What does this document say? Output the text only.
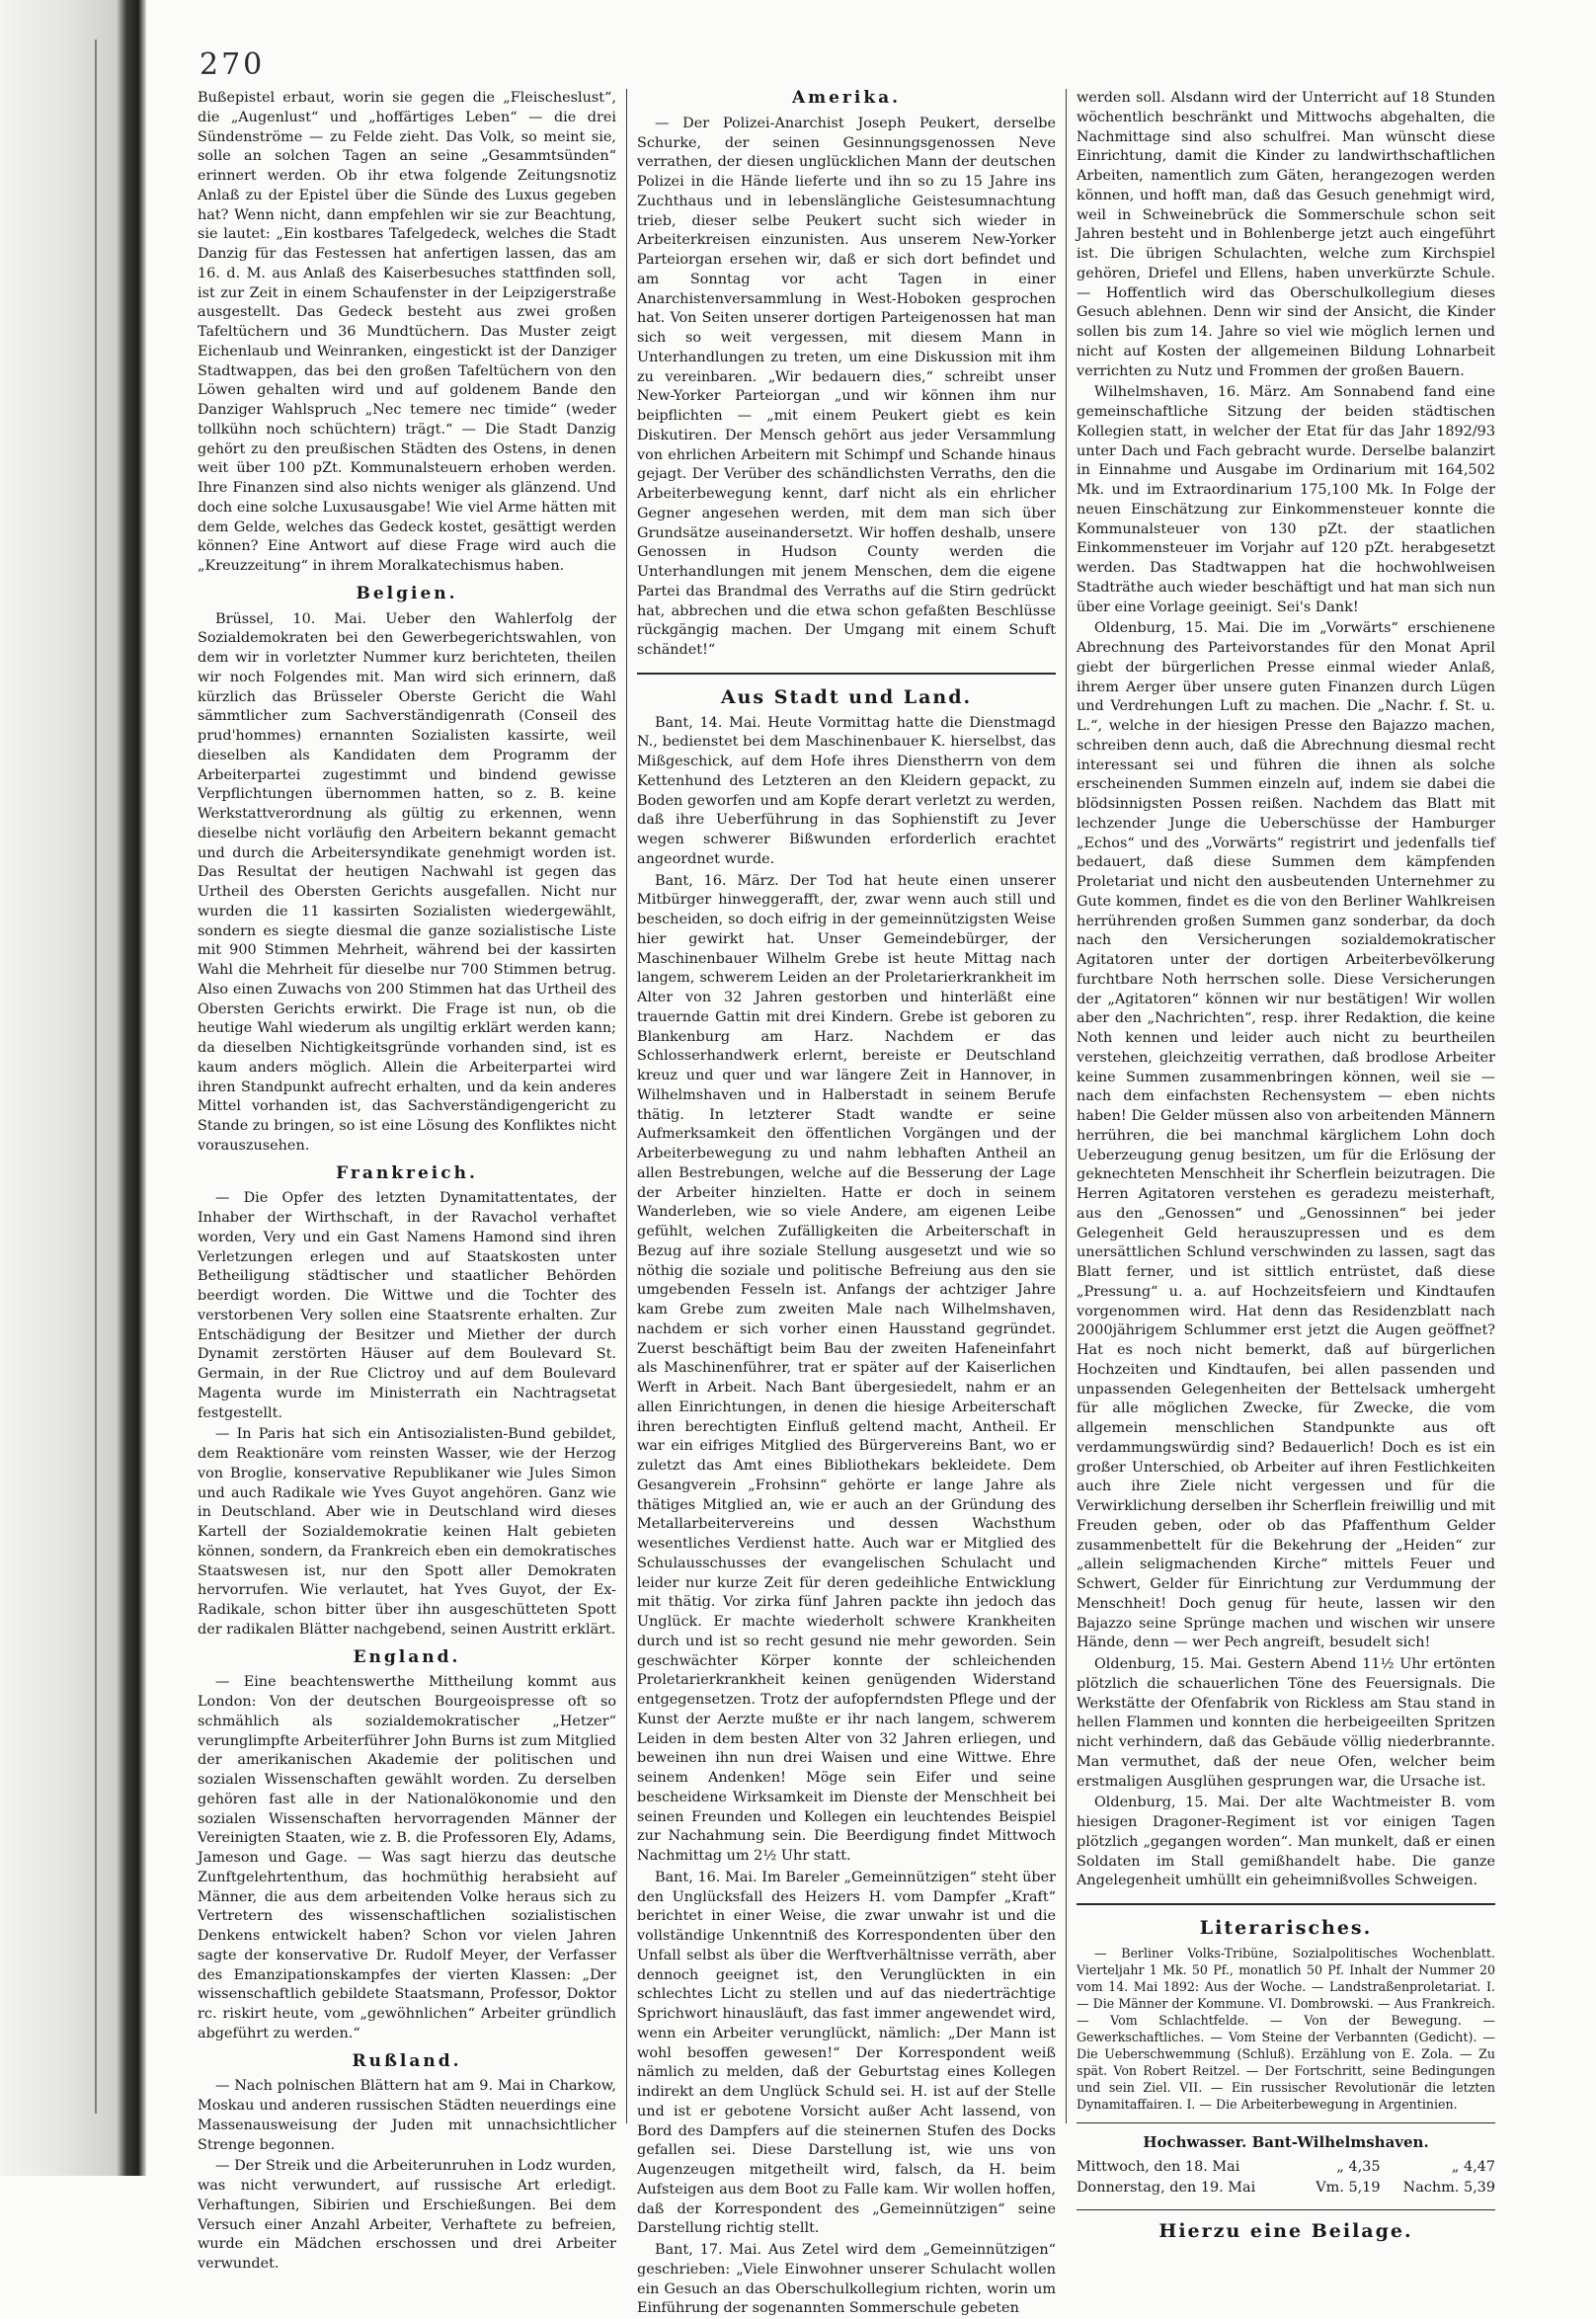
270

Bußepistel erbaut, worin sie gegen die „Fleischeslust“, die „Augenlust“ und „hoffärtiges Leben“ — die drei Sündenströme — zu Felde zieht. Das Volk, so meint sie, solle an solchen Tagen an seine „Gesammtsünden“ erinnert werden. Ob ihr etwa folgende Zeitungsnotiz Anlaß zu der Epistel über die Sünde des Luxus gegeben hat? Wenn nicht, dann empfehlen wir sie zur Beachtung, sie lautet: „Ein kostbares Tafelgedeck, welches die Stadt Danzig für das Festessen hat anfertigen lassen, das am 16. d. M. aus Anlaß des Kaiserbesuches stattfinden soll, ist zur Zeit in einem Schaufenster in der Leipzigerstraße ausgestellt. Das Gedeck besteht aus zwei großen Tafeltüchern und 36 Mundtüchern. Das Muster zeigt Eichenlaub und Weinranken, eingestickt ist der Danziger Stadtwappen, das bei den großen Tafeltüchern von den Löwen gehalten wird und auf goldenem Bande den Danziger Wahlspruch „Nec temere nec timide“ (weder tollkühn noch schüchtern) trägt.“ — Die Stadt Danzig gehört zu den preußischen Städten des Ostens, in denen weit über 100 pZt. Kommunalsteuern erhoben werden. Ihre Finanzen sind also nichts weniger als glänzend. Und doch eine solche Luxusausgabe! Wie viel Arme hätten mit dem Gelde, welches das Gedeck kostet, gesättigt werden können? Eine Antwort auf diese Frage wird auch die „Kreuzzeitung“ in ihrem Moralkatechismus haben.

Belgien.

Brüssel, 10. Mai. Ueber den Wahlerfolg der Sozialdemokraten bei den Gewerbegerichtswahlen, von dem wir in vorletzter Nummer kurz berichteten, theilen wir noch Folgendes mit. Man wird sich erinnern, daß kürzlich das Brüsseler Oberste Gericht die Wahl sämmtlicher zum Sachverständigenrath (Conseil des prud'hommes) ernannten Sozialisten kassirte, weil dieselben als Kandidaten dem Programm der Arbeiterpartei zugestimmt und bindend gewisse Verpflichtungen übernommen hatten, so z. B. keine Werkstattverordnung als gültig zu erkennen, wenn dieselbe nicht vorläufig den Arbeitern bekannt gemacht und durch die Arbeitersyndikate genehmigt worden ist. Das Resultat der heutigen Nachwahl ist gegen das Urtheil des Obersten Gerichts ausgefallen. Nicht nur wurden die 11 kassirten Sozialisten wiedergewählt, sondern es siegte diesmal die ganze sozialistische Liste mit 900 Stimmen Mehrheit, während bei der kassirten Wahl die Mehrheit für dieselbe nur 700 Stimmen betrug. Also einen Zuwachs von 200 Stimmen hat das Urtheil des Obersten Gerichts erwirkt. Die Frage ist nun, ob die heutige Wahl wiederum als ungiltig erklärt werden kann; da dieselben Nichtigkeitsgründe vorhanden sind, ist es kaum anders möglich. Allein die Arbeiterpartei wird ihren Standpunkt aufrecht erhalten, und da kein anderes Mittel vorhanden ist, das Sachverständigengericht zu Stande zu bringen, so ist eine Lösung des Konfliktes nicht vorauszusehen.

Frankreich.

— Die Opfer des letzten Dynamitattentates, der Inhaber der Wirthschaft, in der Ravachol verhaftet worden, Very und ein Gast Namens Hamond sind ihren Verletzungen erlegen und auf Staatskosten unter Betheiligung städtischer und staatlicher Behörden beerdigt worden. Die Wittwe und die Tochter des verstorbenen Very sollen eine Staatsrente erhalten. Zur Entschädigung der Besitzer und Miether der durch Dynamit zerstörten Häuser auf dem Boulevard St. Germain, in der Rue Clictroy und auf dem Boulevard Magenta wurde im Ministerrath ein Nachtragsetat festgestellt.

— In Paris hat sich ein Antisozialisten-Bund gebildet, dem Reaktionäre vom reinsten Wasser, wie der Herzog von Broglie, konservative Republikaner wie Jules Simon und auch Radikale wie Yves Guyot angehören. Ganz wie in Deutschland. Aber wie in Deutschland wird dieses Kartell der Sozialdemokratie keinen Halt gebieten können, sondern, da Frankreich eben ein demokratisches Staatswesen ist, nur den Spott aller Demokraten hervorrufen. Wie verlautet, hat Yves Guyot, der Ex-Radikale, schon bitter über ihn ausgeschütteten Spott der radikalen Blätter nachgebend, seinen Austritt erklärt.

England.

— Eine beachtenswerthe Mittheilung kommt aus London: Von der deutschen Bourgeoispresse oft so schmählich als sozialdemokratischer „Hetzer“ verunglimpfte Arbeiterführer John Burns ist zum Mitglied der amerikanischen Akademie der politischen und sozialen Wissenschaften gewählt worden. Zu derselben gehören fast alle in der Nationalökonomie und den sozialen Wissenschaften hervorragenden Männer der Vereinigten Staaten, wie z. B. die Professoren Ely, Adams, Jameson und Gage. — Was sagt hierzu das deutsche Zunftgelehrtenthum, das hochmüthig herabsieht auf Männer, die aus dem arbeitenden Volke heraus sich zu Vertretern des wissenschaftlichen sozialistischen Denkens entwickelt haben? Schon vor vielen Jahren sagte der konservative Dr. Rudolf Meyer, der Verfasser des Emanzipationskampfes der vierten Klassen: „Der wissenschaftlich gebildete Staatsmann, Professor, Doktor rc. riskirt heute, vom „gewöhnlichen“ Arbeiter gründlich abgeführt zu werden.“

Rußland.

— Nach polnischen Blättern hat am 9. Mai in Charkow, Moskau und anderen russischen Städten neuerdings eine Massenausweisung der Juden mit unnachsichtlicher Strenge begonnen.

— Der Streik und die Arbeiterunruhen in Lodz wurden, was nicht verwundert, auf russische Art erledigt. Verhaftungen, Sibirien und Erschießungen. Bei dem Versuch einer Anzahl Arbeiter, Verhaftete zu befreien, wurde ein Mädchen erschossen und drei Arbeiter verwundet.

Amerika.

— Der Polizei-Anarchist Joseph Peukert, derselbe Schurke, der seinen Gesinnungsgenossen Neve verrathen, der diesen unglücklichen Mann der deutschen Polizei in die Hände lieferte und ihn so zu 15 Jahre ins Zuchthaus und in lebenslängliche Geistesumnachtung trieb, dieser selbe Peukert sucht sich wieder in Arbeiterkreisen einzunisten. Aus unserem New-Yorker Parteiorgan ersehen wir, daß er sich dort befindet und am Sonntag vor acht Tagen in einer Anarchistenversammlung in West-Hoboken gesprochen hat. Von Seiten unserer dortigen Parteigenossen hat man sich so weit vergessen, mit diesem Mann in Unterhandlungen zu treten, um eine Diskussion mit ihm zu vereinbaren. „Wir bedauern dies,“ schreibt unser New-Yorker Parteiorgan „und wir können ihm nur beipflichten — „mit einem Peukert giebt es kein Diskutiren. Der Mensch gehört aus jeder Versammlung von ehrlichen Arbeitern mit Schimpf und Schande hinaus gejagt. Der Verüber des schändlichsten Verraths, den die Arbeiterbewegung kennt, darf nicht als ein ehrlicher Gegner angesehen werden, mit dem man sich über Grundsätze auseinandersetzt. Wir hoffen deshalb, unsere Genossen in Hudson County werden die Unterhandlungen mit jenem Menschen, dem die eigene Partei das Brandmal des Verraths auf die Stirn gedrückt hat, abbrechen und die etwa schon gefaßten Beschlüsse rückgängig machen. Der Umgang mit einem Schuft schändet!“

Aus Stadt und Land.

Bant, 14. Mai. Heute Vormittag hatte die Dienstmagd N., bedienstet bei dem Maschinenbauer K. hierselbst, das Mißgeschick, auf dem Hofe ihres Dienstherrn von dem Kettenhund des Letzteren an den Kleidern gepackt, zu Boden geworfen und am Kopfe derart verletzt zu werden, daß ihre Ueberführung in das Sophienstift zu Jever wegen schwerer Bißwunden erforderlich erachtet angeordnet wurde.

Bant, 16. März. Der Tod hat heute einen unserer Mitbürger hinweggerafft, der, zwar wenn auch still und bescheiden, so doch eifrig in der gemeinnützigsten Weise hier gewirkt hat. Unser Gemeindebürger, der Maschinenbauer Wilhelm Grebe ist heute Mittag nach langem, schwerem Leiden an der Proletarierkrankheit im Alter von 32 Jahren gestorben und hinterläßt eine trauernde Gattin mit drei Kindern. Grebe ist geboren zu Blankenburg am Harz. Nachdem er das Schlosserhandwerk erlernt, bereiste er Deutschland kreuz und quer und war längere Zeit in Hannover, in Wilhelmshaven und in Halberstadt in seinem Berufe thätig. In letzterer Stadt wandte er seine Aufmerksamkeit den öffentlichen Vorgängen und der Arbeiterbewegung zu und nahm lebhaften Antheil an allen Bestrebungen, welche auf die Besserung der Lage der Arbeiter hinzielten. Hatte er doch in seinem Wanderleben, wie so viele Andere, am eigenen Leibe gefühlt, welchen Zufälligkeiten die Arbeiterschaft in Bezug auf ihre soziale Stellung ausgesetzt und wie so nöthig die soziale und politische Befreiung aus den sie umgebenden Fesseln ist. Anfangs der achtziger Jahre kam Grebe zum zweiten Male nach Wilhelmshaven, nachdem er sich vorher einen Hausstand gegründet. Zuerst beschäftigt beim Bau der zweiten Hafeneinfahrt als Maschinenführer, trat er später auf der Kaiserlichen Werft in Arbeit. Nach Bant übergesiedelt, nahm er an allen Einrichtungen, in denen die hiesige Arbeiterschaft ihren berechtigten Einfluß geltend macht, Antheil. Er war ein eifriges Mitglied des Bürgervereins Bant, wo er zuletzt das Amt eines Bibliothekars bekleidete. Dem Gesangverein „Frohsinn“ gehörte er lange Jahre als thätiges Mitglied an, wie er auch an der Gründung des Metallarbeitervereins und dessen Wachsthum wesentliches Verdienst hatte. Auch war er Mitglied des Schulausschusses der evangelischen Schulacht und leider nur kurze Zeit für deren gedeihliche Entwicklung mit thätig. Vor zirka fünf Jahren packte ihn jedoch das Unglück. Er machte wiederholt schwere Krankheiten durch und ist so recht gesund nie mehr geworden. Sein geschwächter Körper konnte der schleichenden Proletarierkrankheit keinen genügenden Widerstand entgegensetzen. Trotz der aufopferndsten Pflege und der Kunst der Aerzte mußte er ihr nach langem, schwerem Leiden in dem besten Alter von 32 Jahren erliegen, und beweinen ihn nun drei Waisen und eine Wittwe. Ehre seinem Andenken! Möge sein Eifer und seine bescheidene Wirksamkeit im Dienste der Menschheit bei seinen Freunden und Kollegen ein leuchtendes Beispiel zur Nachahmung sein. Die Beerdigung findet Mittwoch Nachmittag um 2½ Uhr statt.

Bant, 16. Mai. Im Bareler „Gemeinnützigen“ steht über den Unglücksfall des Heizers H. vom Dampfer „Kraft“ berichtet in einer Weise, die zwar unwahr ist und die vollständige Unkenntniß des Korrespondenten über den Unfall selbst als über die Werftverhältnisse verräth, aber dennoch geeignet ist, den Verunglückten in ein schlechtes Licht zu stellen und auf das niederträchtige Sprichwort hinausläuft, das fast immer angewendet wird, wenn ein Arbeiter verunglückt, nämlich: „Der Mann ist wohl besoffen gewesen!“ Der Korrespondent weiß nämlich zu melden, daß der Geburtstag eines Kollegen indirekt an dem Unglück Schuld sei. H. ist auf der Stelle und ist er gebotene Vorsicht außer Acht lassend, von Bord des Dampfers auf die steinernen Stufen des Docks gefallen sei. Diese Darstellung ist, wie uns von Augenzeugen mitgetheilt wird, falsch, da H. beim Aufsteigen aus dem Boot zu Falle kam. Wir wollen hoffen, daß der Korrespondent des „Gemeinnützigen“ seine Darstellung richtig stellt.

Bant, 17. Mai. Aus Zetel wird dem „Gemeinnützigen“ geschrieben: „Viele Einwohner unserer Schulacht wollen ein Gesuch an das Oberschulkollegium richten, worin um Einführung der sogenannten Sommerschule gebeten

werden soll. Alsdann wird der Unterricht auf 18 Stunden wöchentlich beschränkt und Mittwochs abgehalten, die Nachmittage sind also schulfrei. Man wünscht diese Einrichtung, damit die Kinder zu landwirthschaftlichen Arbeiten, namentlich zum Gäten, herangezogen werden können, und hofft man, daß das Gesuch genehmigt wird, weil in Schweinebrück die Sommerschule schon seit Jahren besteht und in Bohlenberge jetzt auch eingeführt ist. Die übrigen Schulachten, welche zum Kirchspiel gehören, Driefel und Ellens, haben unverkürzte Schule. — Hoffentlich wird das Oberschulkollegium dieses Gesuch ablehnen. Denn wir sind der Ansicht, die Kinder sollen bis zum 14. Jahre so viel wie möglich lernen und nicht auf Kosten der allgemeinen Bildung Lohnarbeit verrichten zu Nutz und Frommen der großen Bauern.

Wilhelmshaven, 16. März. Am Sonnabend fand eine gemeinschaftliche Sitzung der beiden städtischen Kollegien statt, in welcher der Etat für das Jahr 1892/93 unter Dach und Fach gebracht wurde. Derselbe balanzirt in Einnahme und Ausgabe im Ordinarium mit 164,502 Mk. und im Extraordinarium 175,100 Mk. In Folge der neuen Einschätzung zur Einkommensteuer konnte die Kommunalsteuer von 130 pZt. der staatlichen Einkommensteuer im Vorjahr auf 120 pZt. herabgesetzt werden. Das Stadtwappen hat die hochwohlweisen Stadträthe auch wieder beschäftigt und hat man sich nun über eine Vorlage geeinigt. Sei's Dank!

Oldenburg, 15. Mai. Die im „Vorwärts“ erschienene Abrechnung des Parteivorstandes für den Monat April giebt der bürgerlichen Presse einmal wieder Anlaß, ihrem Aerger über unsere guten Finanzen durch Lügen und Verdrehungen Luft zu machen. Die „Nachr. f. St. u. L.“, welche in der hiesigen Presse den Bajazzo machen, schreiben denn auch, daß die Abrechnung diesmal recht interessant sei und führen die ihnen als solche erscheinenden Summen einzeln auf, indem sie dabei die blödsinnigsten Possen reißen. Nachdem das Blatt mit lechzender Junge die Ueberschüsse der Hamburger „Echos“ und des „Vorwärts“ registrirt und jedenfalls tief bedauert, daß diese Summen dem kämpfenden Proletariat und nicht den ausbeutenden Unternehmer zu Gute kommen, findet es die von den Berliner Wahlkreisen herrührenden großen Summen ganz sonderbar, da doch nach den Versicherungen sozialdemokratischer Agitatoren unter der dortigen Arbeiterbevölkerung furchtbare Noth herrschen solle. Diese Versicherungen der „Agitatoren“ können wir nur bestätigen! Wir wollen aber den „Nachrichten“, resp. ihrer Redaktion, die keine Noth kennen und leider auch nicht zu beurtheilen verstehen, gleichzeitig verrathen, daß brodlose Arbeiter keine Summen zusammenbringen können, weil sie — nach dem einfachsten Rechensystem — eben nichts haben! Die Gelder müssen also von arbeitenden Männern herrühren, die bei manchmal kärglichem Lohn doch Ueberzeugung genug besitzen, um für die Erlösung der geknechteten Menschheit ihr Scherflein beizutragen. Die Herren Agitatoren verstehen es geradezu meisterhaft, aus den „Genossen“ und „Genossinnen“ bei jeder Gelegenheit Geld herauszupressen und es dem unersättlichen Schlund verschwinden zu lassen, sagt das Blatt ferner, und ist sittlich entrüstet, daß diese „Pressung“ u. a. auf Hochzeitsfeiern und Kindtaufen vorgenommen wird. Hat denn das Residenzblatt nach 2000jährigem Schlummer erst jetzt die Augen geöffnet? Hat es noch nicht bemerkt, daß auf bürgerlichen Hochzeiten und Kindtaufen, bei allen passenden und unpassenden Gelegenheiten der Bettelsack umhergeht für alle möglichen Zwecke, für Zwecke, die vom allgemein menschlichen Standpunkte aus oft verdammungswürdig sind? Bedauerlich! Doch es ist ein großer Unterschied, ob Arbeiter auf ihren Festlichkeiten auch ihre Ziele nicht vergessen und für die Verwirklichung derselben ihr Scherflein freiwillig und mit Freuden geben, oder ob das Pfaffenthum Gelder zusammenbettelt für die Bekehrung der „Heiden“ zur „allein seligmachenden Kirche“ mittels Feuer und Schwert, Gelder für Einrichtung zur Verdummung der Menschheit! Doch genug für heute, lassen wir den Bajazzo seine Sprünge machen und wischen wir unsere Hände, denn — wer Pech angreift, besudelt sich!

Oldenburg, 15. Mai. Gestern Abend 11½ Uhr ertönten plötzlich die schauerlichen Töne des Feuersignals. Die Werkstätte der Ofenfabrik von Rickless am Stau stand in hellen Flammen und konnten die herbeigeeilten Spritzen nicht verhindern, daß das Gebäude völlig niederbrannte. Man vermuthet, daß der neue Ofen, welcher beim erstmaligen Ausglühen gesprungen war, die Ursache ist.

Oldenburg, 15. Mai. Der alte Wachtmeister B. vom hiesigen Dragoner-Regiment ist vor einigen Tagen plötzlich „gegangen worden“. Man munkelt, daß er einen Soldaten im Stall gemißhandelt habe. Die ganze Angelegenheit umhüllt ein geheimnißvolles Schweigen.

Literarisches.

— Berliner Volks-Tribüne, Sozialpolitisches Wochenblatt. Vierteljahr 1 Mk. 50 Pf., monatlich 50 Pf. Inhalt der Nummer 20 vom 14. Mai 1892: Aus der Woche. — Landstraßenproletariat. I. — Die Männer der Kommune. VI. Dombrowski. — Aus Frankreich. — Vom Schlachtfelde. — Von der Bewegung. — Gewerkschaftliches. — Vom Steine der Verbannten (Gedicht). — Die Ueberschwemmung (Schluß). Erzählung von E. Zola. — Zu spät. Von Robert Reitzel. — Der Fortschritt, seine Bedingungen und sein Ziel. VII. — Ein russischer Revolutionär die letzten Dynamitaffairen. I. — Die Arbeiterbewegung in Argentinien.

Hochwasser. Bant-Wilhelmshaven.
Mittwoch, den 18. Mai	„ 4,35	„ 4,47
Donnerstag, den 19. Mai	Vm. 5,19	Nachm. 5,39
Hierzu eine Beilage.
